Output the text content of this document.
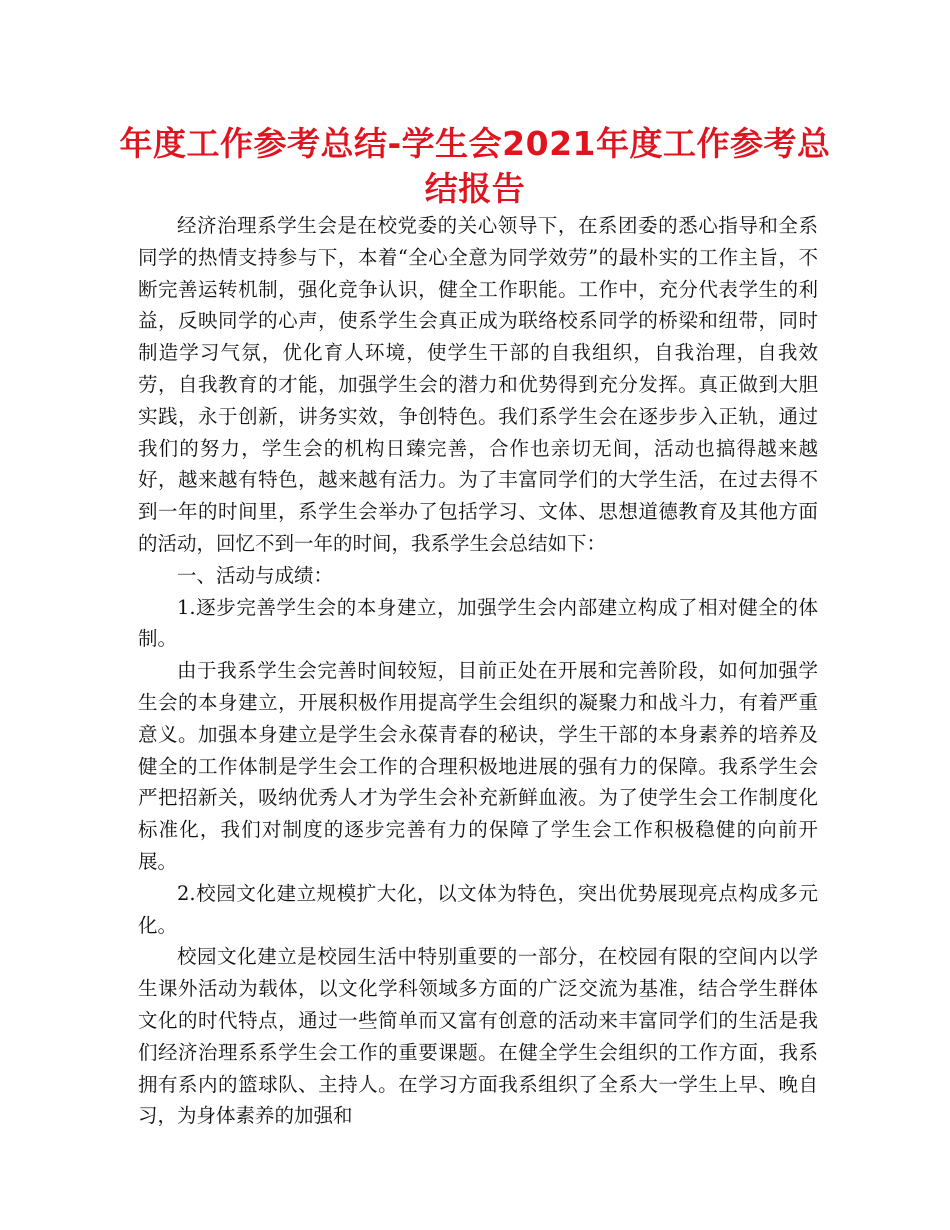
年度工作参考总结-学生会2021年度工作参考总
结报告

经济治理系学生会是在校党委的关心领导下，在系团委的悉心指导和全系同学的热情支持参与下，本着“全心全意为同学效劳”的最朴实的工作主旨，不断完善运转机制，强化竞争认识，健全工作职能。工作中，充分代表学生的利益，反映同学的心声，使系学生会真正成为联络校系同学的桥梁和纽带，同时制造学习气氛，优化育人环境，使学生干部的自我组织，自我治理，自我效劳，自我教育的才能，加强学生会的潜力和优势得到充分发挥。真正做到大胆实践，永于创新，讲务实效，争创特色。我们系学生会在逐步步入正轨，通过我们的努力，学生会的机构日臻完善，合作也亲切无间，活动也搞得越来越好，越来越有特色，越来越有活力。为了丰富同学们的大学生活，在过去得不到一年的时间里，系学生会举办了包括学习、文体、思想道德教育及其他方面的活动，回忆不到一年的时间，我系学生会总结如下：

一、活动与成绩：

1.逐步完善学生会的本身建立，加强学生会内部建立构成了相对健全的体制。

由于我系学生会完善时间较短，目前正处在开展和完善阶段，如何加强学生会的本身建立，开展积极作用提高学生会组织的凝聚力和战斗力，有着严重意义。加强本身建立是学生会永葆青春的秘诀，学生干部的本身素养的培养及健全的工作体制是学生会工作的合理积极地进展的强有力的保障。我系学生会严把招新关，吸纳优秀人才为学生会补充新鲜血液。为了使学生会工作制度化标准化，我们对制度的逐步完善有力的保障了学生会工作积极稳健的向前开展。

2.校园文化建立规模扩大化，以文体为特色，突出优势展现亮点构成多元化。

校园文化建立是校园生活中特别重要的一部分，在校园有限的空间内以学生课外活动为载体，以文化学科领域多方面的广泛交流为基准，结合学生群体文化的时代特点，通过一些简单而又富有创意的活动来丰富同学们的生活是我们经济治理系系学生会工作的重要课题。在健全学生会组织的工作方面，我系拥有系内的篮球队、主持人。在学习方面我系组织了全系大一学生上早、晚自习，为身体素养的加强和
